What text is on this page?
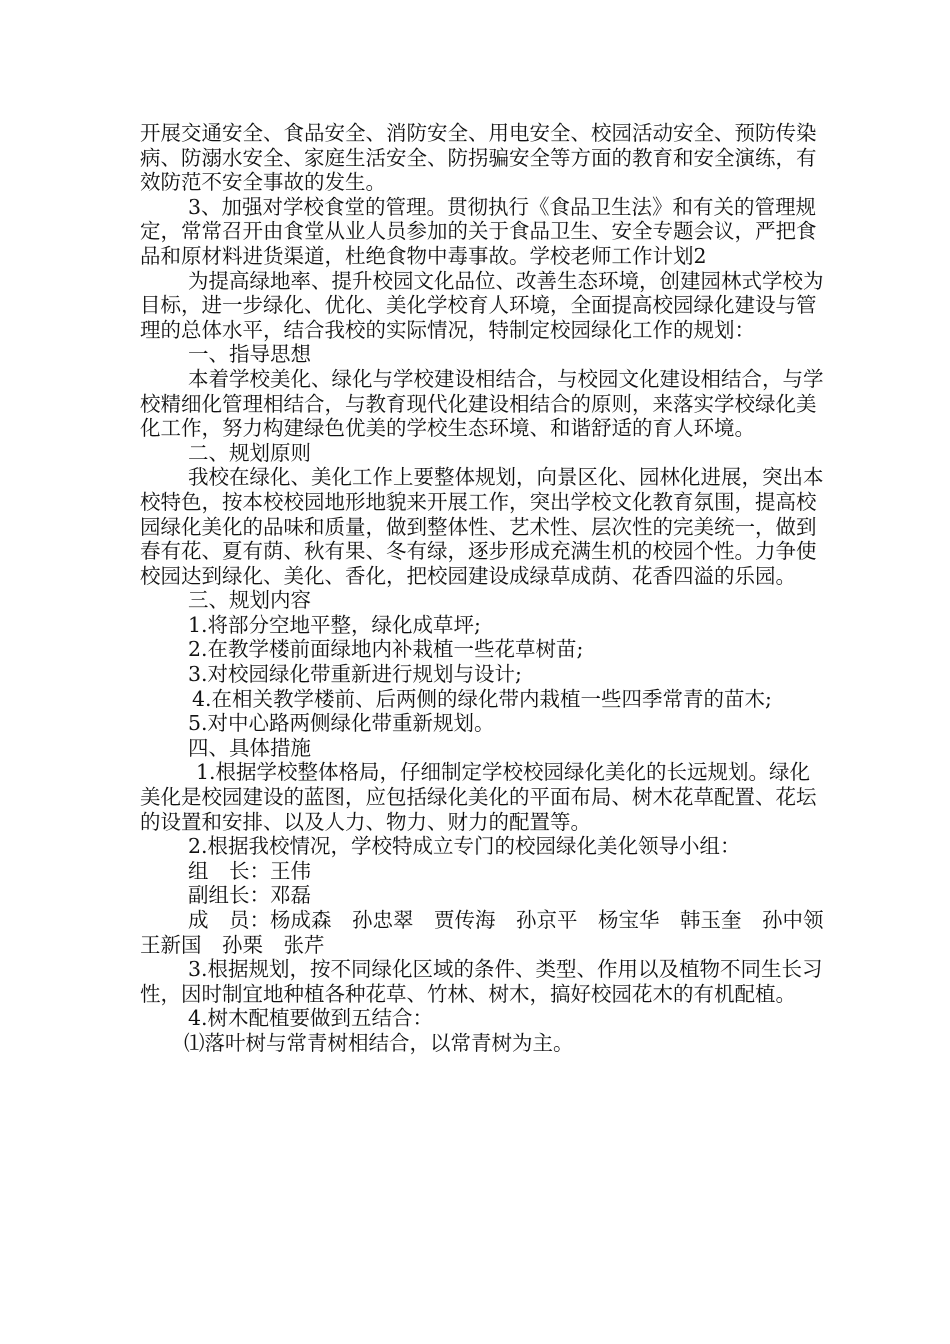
开展交通安全、食品安全、消防安全、用电安全、校园活动安全、预防传染病、防溺水安全、家庭生活安全、防拐骗安全等方面的教育和安全演练，有效防范不安全事故的发生。

3、加强对学校食堂的管理。贯彻执行《食品卫生法》和有关的管理规定，常常召开由食堂从业人员参加的关于食品卫生、安全专题会议，严把食品和原材料进货渠道，杜绝食物中毒事故。学校老师工作计划2

为提高绿地率、提升校园文化品位、改善生态环境，创建园林式学校为目标，进一步绿化、优化、美化学校育人环境，全面提高校园绿化建设与管理的总体水平，结合我校的实际情况，特制定校园绿化工作的规划：

一、指导思想

本着学校美化、绿化与学校建设相结合，与校园文化建设相结合，与学校精细化管理相结合，与教育现代化建设相结合的原则，来落实学校绿化美化工作，努力构建绿色优美的学校生态环境、和谐舒适的育人环境。

二、规划原则

我校在绿化、美化工作上要整体规划，向景区化、园林化进展，突出本校特色，按本校校园地形地貌来开展工作，突出学校文化教育氛围，提高校园绿化美化的品味和质量，做到整体性、艺术性、层次性的完美统一，做到春有花、夏有荫、秋有果、冬有绿，逐步形成充满生机的校园个性。力争使校园达到绿化、美化、香化，把校园建设成绿草成荫、花香四溢的乐园。

三、规划内容

1.将部分空地平整，绿化成草坪;

2.在教学楼前面绿地内补栽植一些花草树苗;

3.对校园绿化带重新进行规划与设计;

4.在相关教学楼前、后两侧的绿化带内栽植一些四季常青的苗木;

5.对中心路两侧绿化带重新规划。

四、具体措施

1.根据学校整体格局，仔细制定学校校园绿化美化的长远规划。绿化美化是校园建设的蓝图，应包括绿化美化的平面布局、树木花草配置、花坛的设置和安排、以及人力、物力、财力的配置等。

2.根据我校情况，学校特成立专门的校园绿化美化领导小组：

组　长：王伟

副组长：邓磊

成　员：杨成森　孙忠翠　贾传海　孙京平　杨宝华　韩玉奎　孙中领　王新国　孙栗　张芹

3.根据规划，按不同绿化区域的条件、类型、作用以及植物不同生长习性，因时制宜地种植各种花草、竹林、树木，搞好校园花木的有机配植。

4.树木配植要做到五结合：

⑴落叶树与常青树相结合，以常青树为主。
